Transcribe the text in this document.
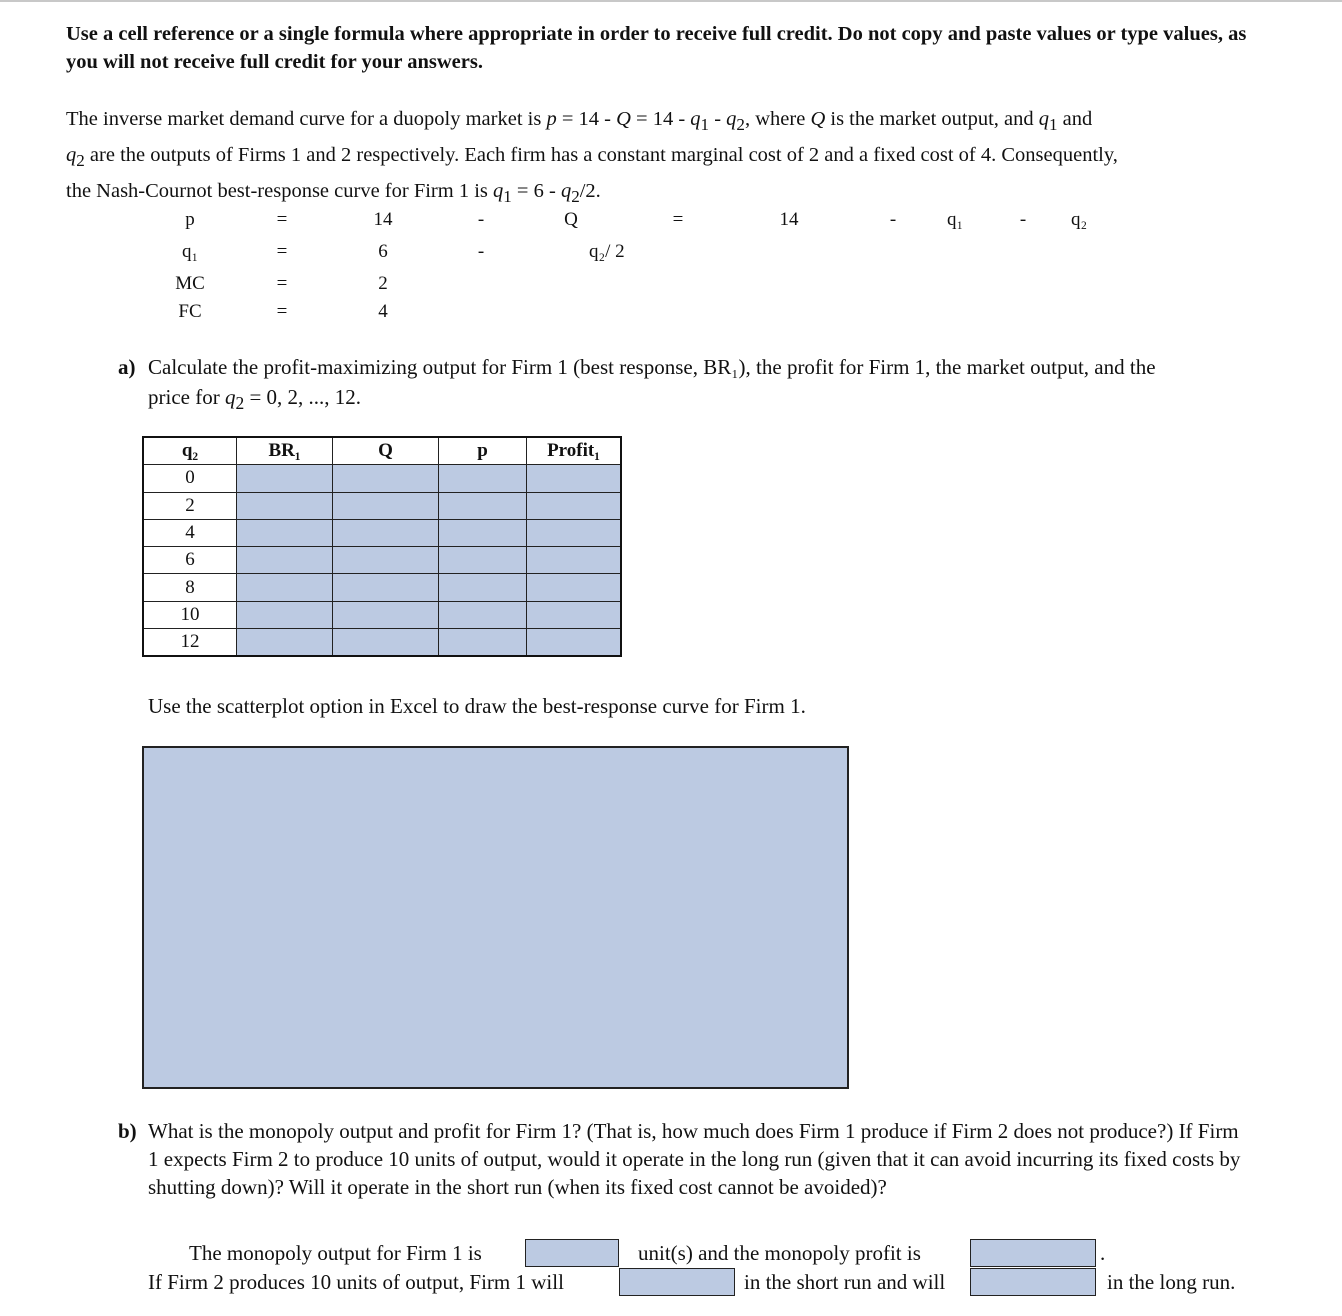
Use a cell reference or a single formula where appropriate in order to receive full credit. Do not copy and paste values or type values, as you will not receive full credit for your answers.
The inverse market demand curve for a duopoly market is $p = 14 - Q = 14 - q_1 - q_2$, where Q is the market output, and $q_1$ and
$q_2$ are the outputs of Firms 1 and 2 respectively. Each firm has a constant marginal cost of 2 and a fixed cost of 4. Consequently,
the Nash-Cournot best-response curve for Firm 1 is $q_1 = 6 - q_2/2$.
p	=	14	-	Q	=	14	-	q₁	-	q₂
q₁	=	6	-	q₂/ 2
MC	=	2
FC	=	4
a) Calculate the profit-maximizing output for Firm 1 (best response, BR₁), the profit for Firm 1, the market output, and the
price for $q_2 = 0$, 2, ..., 12.
q₂	BR₁	Q	p	Profit₁
0				
2				
4				
6				
8				
10				
12				
Use the scatterplot option in Excel to draw the best-response curve for Firm 1.
b) What is the monopoly output and profit for Firm 1? (That is, how much does Firm 1 produce if Firm 2 does not produce?) If Firm 1 expects Firm 2 to produce 10 units of output, would it operate in the long run (given that it can avoid incurring its fixed costs by shutting down)? Will it operate in the short run (when its fixed cost cannot be avoided)?
The monopoly output for Firm 1 is	unit(s) and the monopoly profit is	.
If Firm 2 produces 10 units of output, Firm 1 will	in the short run and will	in the long run.
